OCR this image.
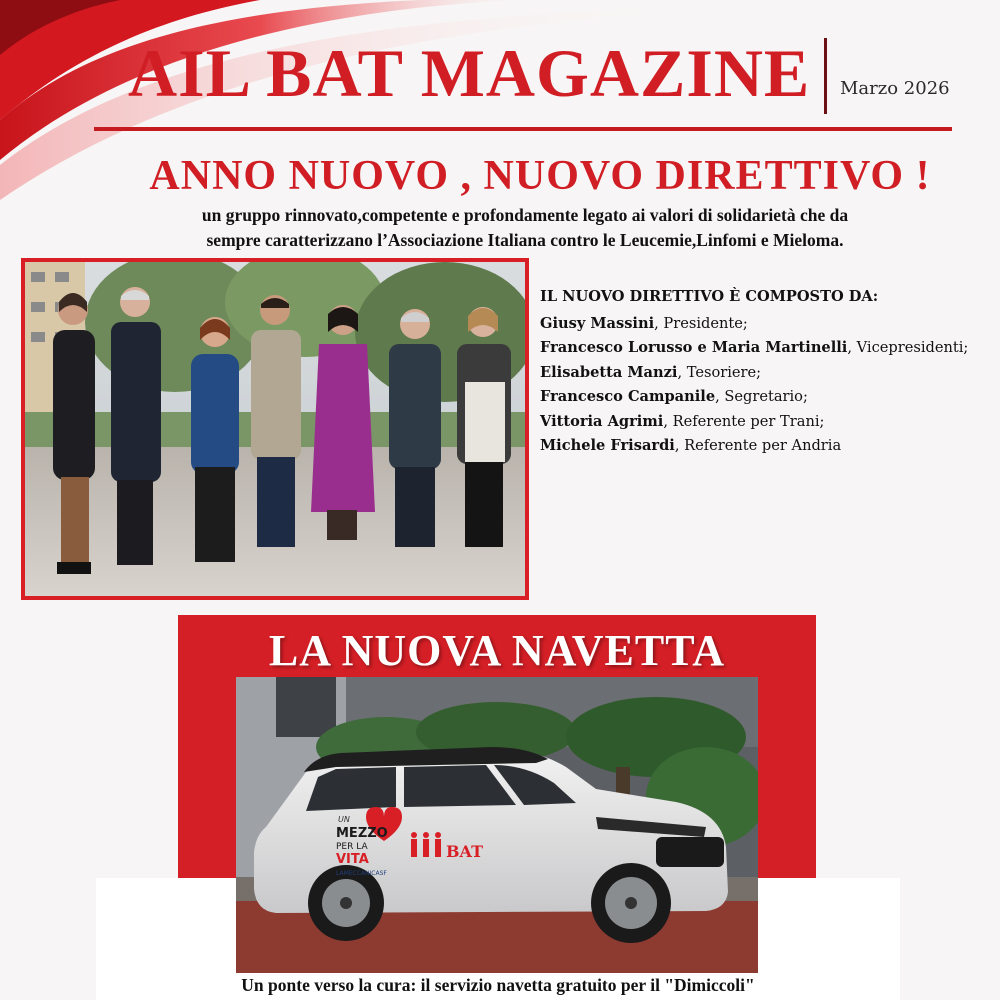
AIL BAT MAGAZINE Marzo 2026
ANNO NUOVO , NUOVO DIRETTIVO !
un gruppo rinnovato,competente e profondamente legato ai valori di solidarietà che da
sempre caratterizzano l’Associazione Italiana contro le Leucemie,Linfomi e Mieloma.
IL NUOVO DIRETTIVO È COMPOSTO DA:
Giusy Massini, Presidente;
Francesco Lorusso e Maria Martinelli, Vicepresidenti;
Elisabetta Manzi, Tesoriere;
Francesco Campanile, Segretario;
Vittoria Agrimi, Referente per Trani;
Michele Frisardi, Referente per Andria
LA NUOVA NAVETTA
UN
MEZZO
PER LA
VITA
LAMECCANICASF
BAT
Un ponte verso la cura: il servizio navetta gratuito per il "Dimiccoli"
